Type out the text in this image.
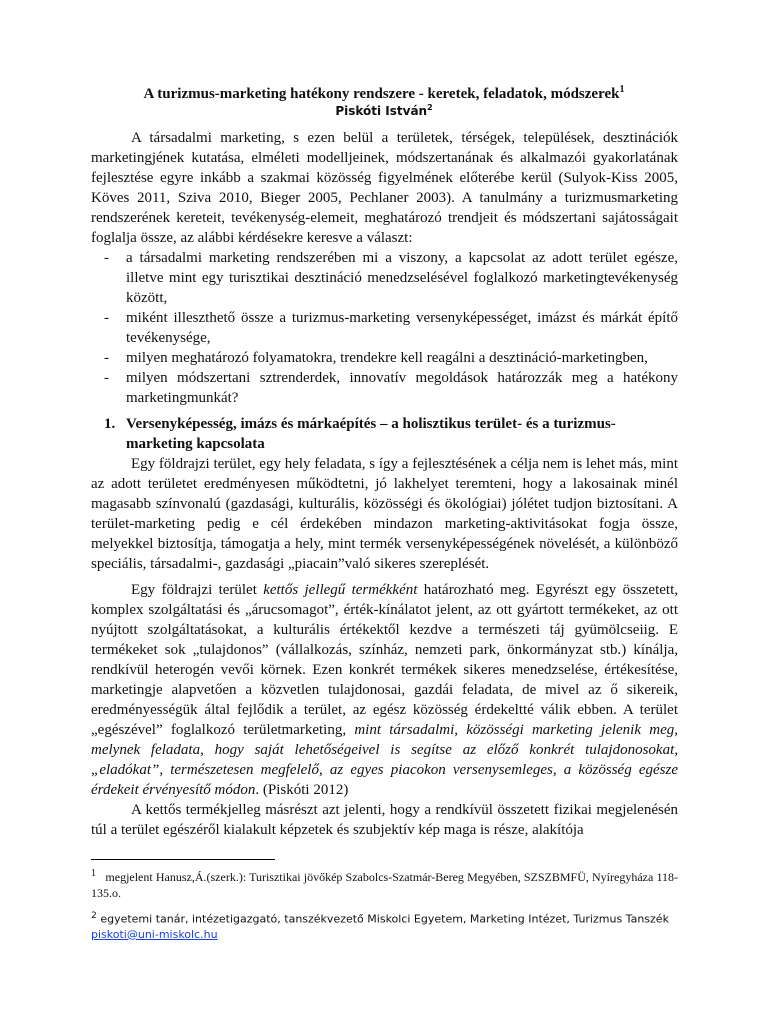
A turizmus-marketing hatékony rendszere - keretek, feladatok, módszerek$^1$
Piskóti István$^2$

A társadalmi marketing, s ezen belül a területek, térségek, települések, desztinációk marketingjének kutatása, elméleti modelljeinek, módszertanának és alkalmazói gyakorlatának fejlesztése egyre inkább a szakmai közösség figyelmének előterébe kerül (Sulyok-Kiss 2005, Köves 2011, Sziva 2010, Bieger 2005, Pechlaner 2003). A tanulmány a turizmusmarketing rendszerének kereteit, tevékenység-elemeit, meghatározó trendjeit és módszertani sajátosságait foglalja össze, az alábbi kérdésekre keresve a választ:

- a társadalmi marketing rendszerében mi a viszony, a kapcsolat az adott terület egésze, illetve mint egy turisztikai desztináció menedzselésével foglalkozó marketingtevékenység között,
- miként illeszthető össze a turizmus-marketing versenyképességet, imázst és márkát építő tevékenysége,
- milyen meghatározó folyamatokra, trendekre kell reagálni a desztináció-marketingben,
- milyen módszertani sztrenderdek, innovatív megoldások határozzák meg a hatékony marketingmunkát?
1. Versenyképesség, imázs és márkaépítés – a holisztikus terület- és a turizmus-marketing kapcsolata

Egy földrajzi terület, egy hely feladata, s így a fejlesztésének a célja nem is lehet más, mint az adott területet eredményesen működtetni, jó lakhelyet teremteni, hogy a lakosainak minél magasabb színvonalú (gazdasági, kulturális, közösségi és ökológiai) jólétet tudjon biztosítani. A terület-marketing pedig e cél érdekében mindazon marketing-aktivitásokat fogja össze, melyekkel biztosítja, támogatja a hely, mint termék versenyképességének növelését, a különböző speciális, társadalmi-, gazdasági „piacain”való sikeres szereplését.

Egy földrajzi terület kettős jellegű termékként határozható meg. Egyrészt egy összetett, komplex szolgáltatási és „árucsomagot”, érték-kínálatot jelent, az ott gyártott termékeket, az ott nyújtott szolgáltatásokat, a kulturális értékektől kezdve a természeti táj gyümölcseiig. E termékeket sok „tulajdonos” (vállalkozás, színház, nemzeti park, önkormányzat stb.) kínálja, rendkívül heterogén vevői körnek. Ezen konkrét termékek sikeres menedzselése, értékesítése, marketingje alapvetően a közvetlen tulajdonosai, gazdái feladata, de mivel az ő sikereik, eredményességük által fejlődik a terület, az egész közösség érdekeltté válik ebben. A terület „egészével” foglalkozó területmarketing, mint társadalmi, közösségi marketing jelenik meg, melynek feladata, hogy saját lehetőségeivel is segítse az előző konkrét tulajdonosokat, „eladókat”, természetesen megfelelő, az egyes piacokon versenysemleges, a közösség egésze érdekeit érvényesítő módon. (Piskóti 2012)

A kettős termékjelleg másrészt azt jelenti, hogy a rendkívül összetett fizikai megjelenésén túl a terület egészéről kialakult képzetek és szubjektív kép maga is része, alakítója

$^1$ megjelent Hanusz,Á.(szerk.): Turisztikai jövőkép Szabolcs-Szatmár-Bereg Megyében, SZSZBMFÜ, Nyíregyháza 118-135.o.

$^2$ egyetemi tanár, intézetigazgató, tanszékvezető Miskolci Egyetem, Marketing Intézet, Turizmus Tanszék
piskoti@uni-miskolc.hu
